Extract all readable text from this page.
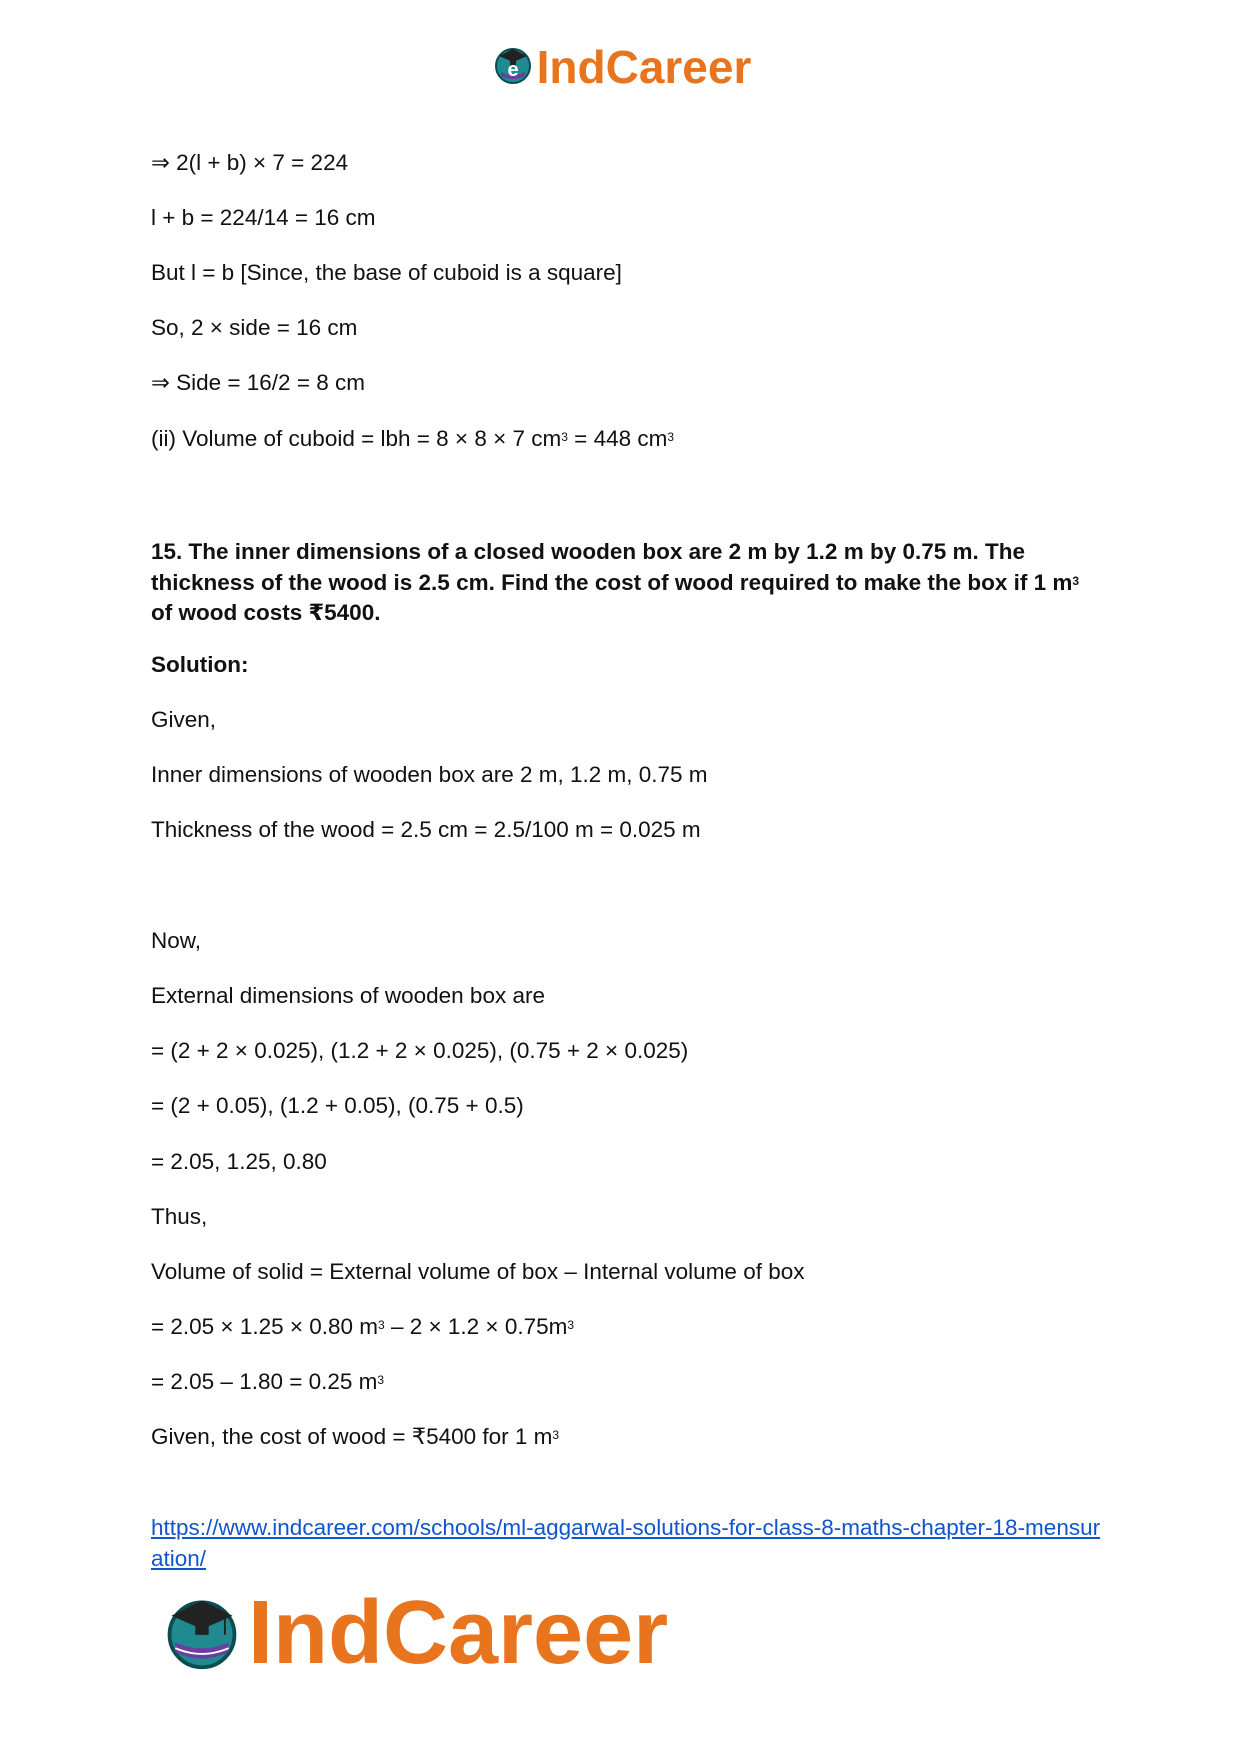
e IndCareer
⇒ 2(l + b) × 7 = 224
l + b = 224/14 = 16 cm
But l = b [Since, the base of cuboid is a square]
So, 2 × side = 16 cm
⇒ Side = 16/2 = 8 cm
(ii) Volume of cuboid = lbh = 8 × 8 × 7 $cm^3 = 448$ $cm^3$
15. The inner dimensions of a closed wooden box are 2 m by 1.2 m by 0.75 m. The thickness of the wood is 2.5 cm. Find the cost of wood required to make the box if 1 $m^3$ of wood costs ₹5400.
Solution:
Given,
Inner dimensions of wooden box are 2 m, 1.2 m, 0.75 m
Thickness of the wood = 2.5 cm = 2.5/100 m = 0.025 m
Now,
External dimensions of wooden box are
= (2 + 2 × 0.025), (1.2 + 2 × 0.025), (0.75 + 2 × 0.025)
= (2 + 0.05), (1.2 + 0.05), (0.75 + 0.5)
= 2.05, 1.25, 0.80
Thus,
Volume of solid = External volume of box – Internal volume of box
= 2.05 × 1.25 × 0.80 $m^3 - 2 \times 1.2 \times 0.75m^3$
= 2.05 – 1.80 = 0.25 $m^3$
Given, the cost of wood = ₹5400 for 1 $m^3$
https://www.indcareer.com/schools/ml-aggarwal-solutions-for-class-8-maths-chapter-18-mensuration/
IndCareer
